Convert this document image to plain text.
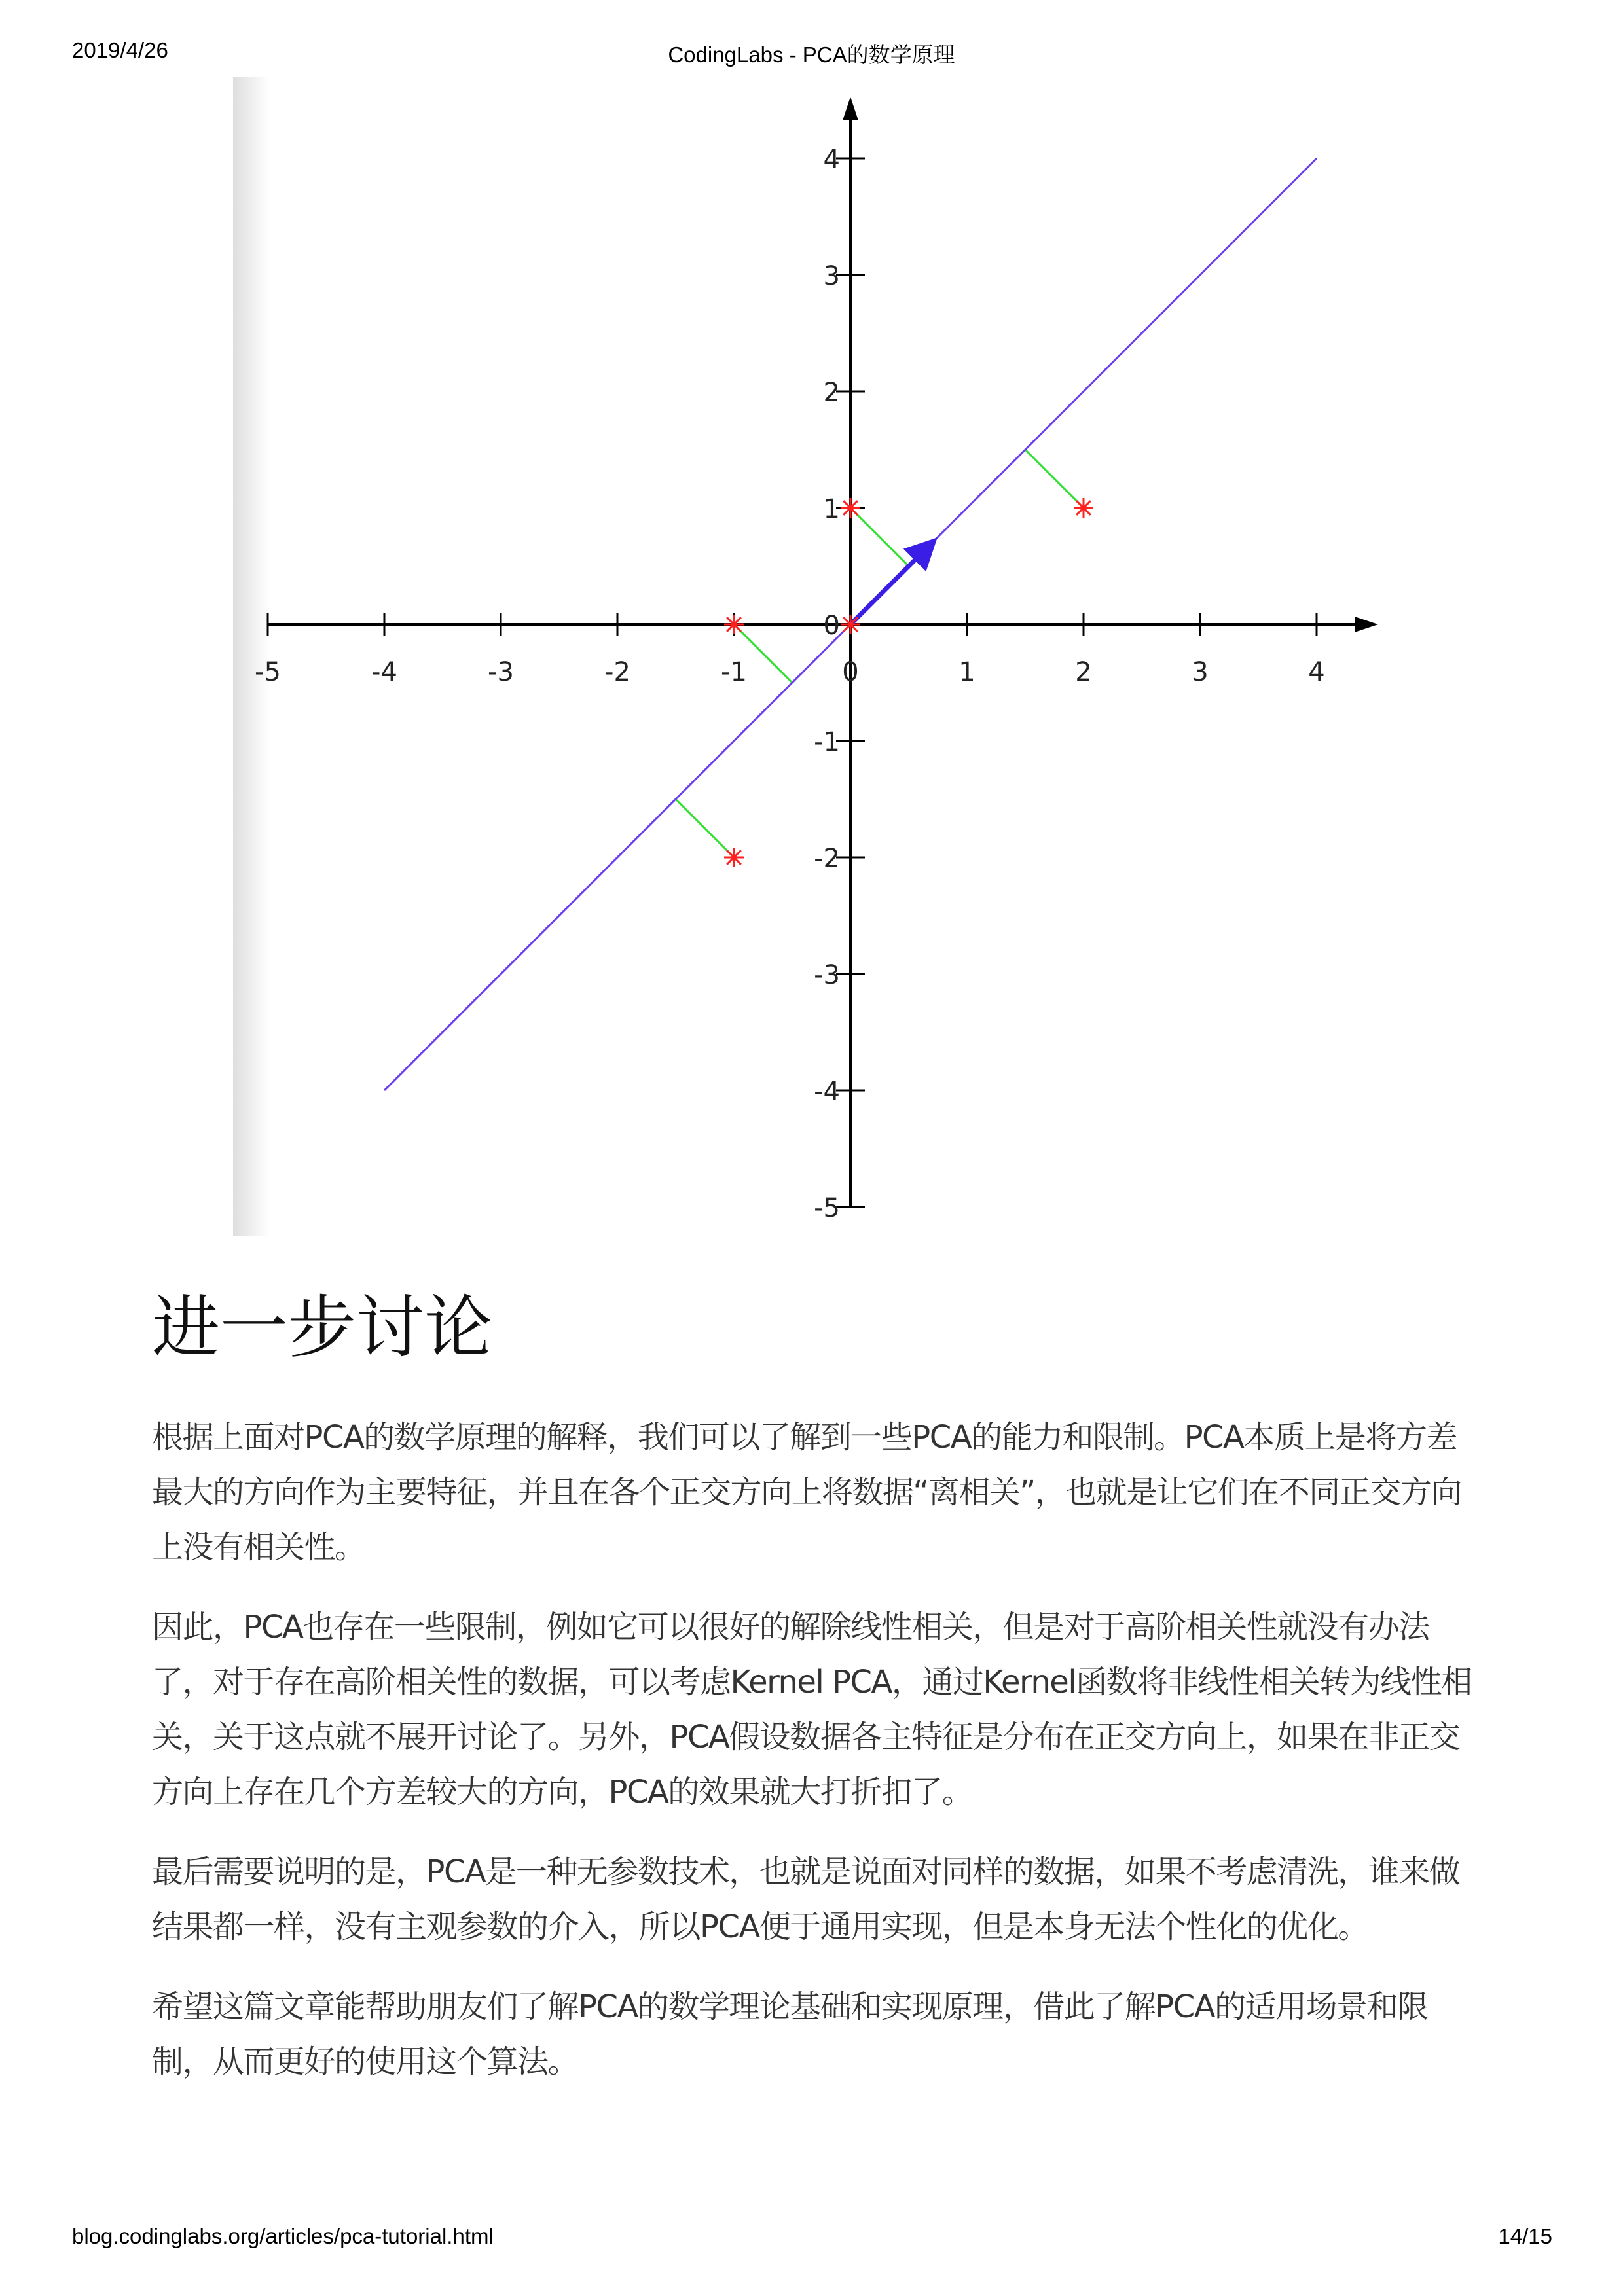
2019/4/26	CodingLabs - PCA的数学原理
-5	-4	-3	-2	-1	0	1	2	3	4
4
3
2
1
0
-1
-2
-3
-4
-5
进一步讨论

根据上面对PCA的数学原理的解释，我们可以了解到一些PCA的能力和限制。PCA本质上是将方差最大的方向作为主要特征，并且在各个正交方向上将数据“离相关”，也就是让它们在不同正交方向上没有相关性。

因此，PCA也存在一些限制，例如它可以很好的解除线性相关，但是对于高阶相关性就没有办法了，对于存在高阶相关性的数据，可以考虑Kernel PCA，通过Kernel函数将非线性相关转为线性相关，关于这点就不展开讨论了。另外，PCA假设数据各主特征是分布在正交方向上，如果在非正交方向上存在几个方差较大的方向，PCA的效果就大打折扣了。

最后需要说明的是，PCA是一种无参数技术，也就是说面对同样的数据，如果不考虑清洗，谁来做结果都一样，没有主观参数的介入，所以PCA便于通用实现，但是本身无法个性化的优化。

希望这篇文章能帮助朋友们了解PCA的数学理论基础和实现原理，借此了解PCA的适用场景和限制，从而更好的使用这个算法。

blog.codinglabs.org/articles/pca-tutorial.html	14/15
